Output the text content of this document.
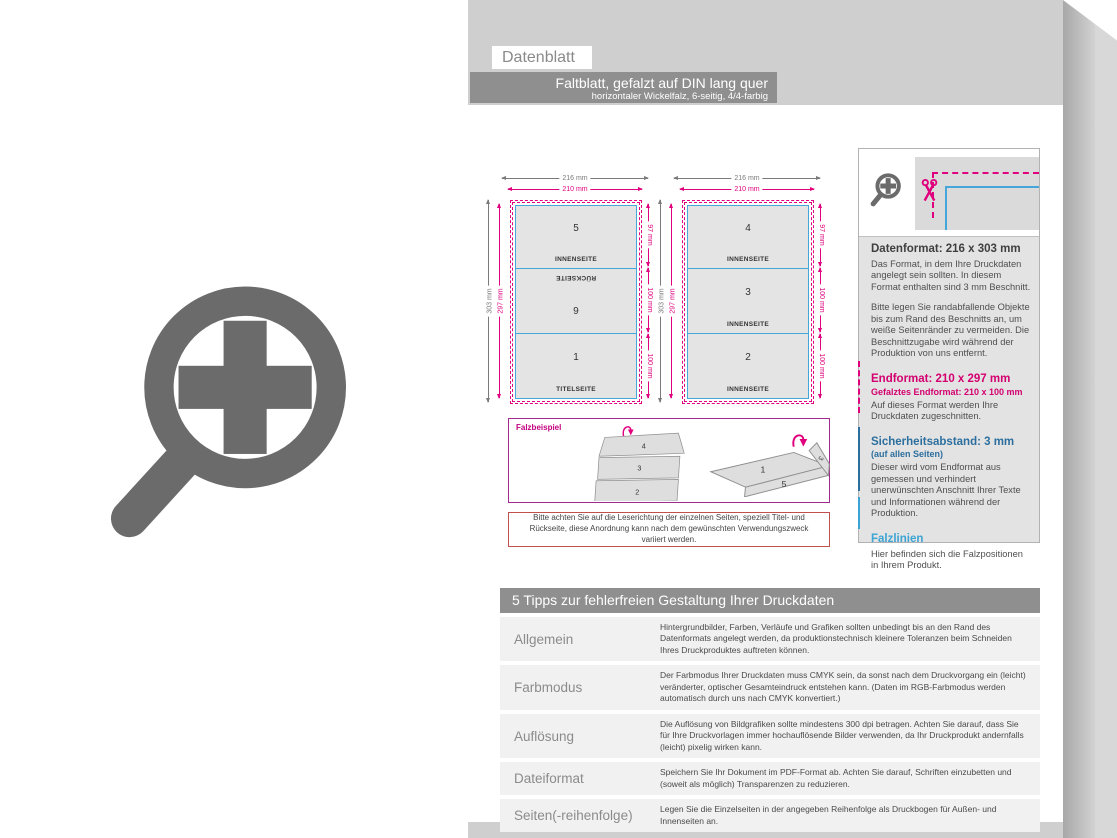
Datenblatt
Faltblatt, gefalzt auf DIN lang quer
horizontaler Wickelfalz, 6-seitig, 4/4-farbig
216 mm
210 mm
303 mm 297 mm
5
INNENSEITE
6
RÜCKSEITE
1
TITELSEITE
97 mm
100 mm
100 mm
216 mm
210 mm
303 mm 297 mm
4
INNENSEITE
3
INNENSEITE
2
INNENSEITE
97 mm
100 mm
100 mm
Falzbeispiel
4
3
2
1
5
3

Bitte achten Sie auf die Leserichtung der einzelnen Seiten, speziell Titel- und Rückseite, diese Anordnung kann nach dem gewünschten Verwendungszweck variiert werden.

Datenformat: 216 x 303 mm

Das Format, in dem Ihre Druckdaten angelegt sein sollten. In diesem Format enthalten sind 3 mm Beschnitt.

Bitte legen Sie randabfallende Objekte bis zum Rand des Beschnitts an, um weiße Seitenränder zu vermeiden. Die Beschnittzugabe wird während der Produktion von uns entfernt.

Endformat: 210 x 297 mm

Gefalztes Endformat: 210 x 100 mm

Auf dieses Format werden Ihre Druckdaten zugeschnitten.

Sicherheitsabstand: 3 mm

(auf allen Seiten)

Dieser wird vom Endformat aus gemessen und verhindert unerwünschten Anschnitt Ihrer Texte und Informationen während der Produktion.

Falzlinien

Hier befinden sich die Falzpositionen in Ihrem Produkt.

5 Tipps zur fehlerfreien Gestaltung Ihrer Druckdaten
Allgemein

Hintergrundbilder, Farben, Verläufe und Grafiken sollten unbedingt bis an den Rand des Datenformats angelegt werden, da produktionstechnisch kleinere Toleranzen beim Schneiden Ihres Druckproduktes auftreten können.

Farbmodus

Der Farbmodus Ihrer Druckdaten muss CMYK sein, da sonst nach dem Druckvorgang ein (leicht) veränderter, optischer Gesamteindruck entstehen kann. (Daten im RGB-Farbmodus werden automatisch durch uns nach CMYK konvertiert.)

Auflösung

Die Auflösung von Bildgrafiken sollte mindestens 300 dpi betragen. Achten Sie darauf, dass Sie für Ihre Druckvorlagen immer hochauflösende Bilder verwenden, da Ihr Druckprodukt andernfalls (leicht) pixelig wirken kann.

Dateiformat	Speichern Sie Ihr Dokument im PDF-Format ab. Achten Sie darauf, Schriften einzubetten und (soweit als möglich) Transparenzen zu reduzieren.

Seiten(-reihenfolge)	Legen Sie die Einzelseiten in der angegeben Reihenfolge als Druckbogen für Außen- und Innenseiten an.
